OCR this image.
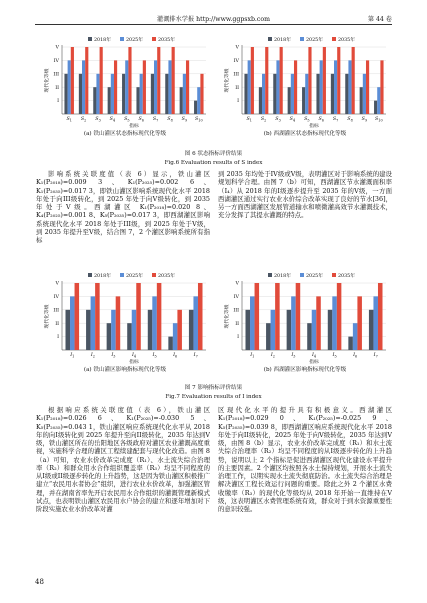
灌溉排水学报 http://www.ggpsxb.com	第 44 卷
2018年	2025年	2035年
I
II
III
IV
V
现代化等级
$S_1$ $S_2$ $S_3$ $S_4$ $S_5$ $S_6$ $S_7$ $S_8$ $S_9$ $S_{10}$
指标
(a) 铁山灌区状态指标现代化等级
2018年	2025年	2035年
I
II
III
IV
V
现代化等级
$S_1$ $S_2$ $S_3$ $S_4$ $S_5$ $S_6$ $S_7$ $S_8$ $S_9$ $S_{10}$
指标
(b) 西湖灌区状态指标现代化等级
图 6 状态指标评价结果
Fig.6 Evaluation results of S index

影响系统关联度值（表 6）显示，铁山灌区 K₁(P₂₀₁₈)=0.009 3、K₁(P₂₀₂₅)=0.002 6、K₁(P₂₀₃₅)=0.017 3，即铁山灌区影响系统现代化水平 2018 年处于向III级转化，到 2025 年处于向V级转化，到 2035 年处于V级。西湖灌区 K₁(P₂₀₁₈)=0.020 8、K₄(P₂₀₂₅)=0.001 8、K₅(P₂₀₃₅)=0.017 3，即西湖灌区影响系统现代化水平 2018 年处于III级，到 2025 年处于V级，到 2035 年提升至V级，结合图 7，2 个灌区影响系统所有指标

到 2035 年均处于IV级或V级，表明灌区对于影响系统的建设规划科学合理。由图 7（b）可知，西湖灌区节水灌溉面积率（I₄）从 2018 年的I级逐步提升至 2035 年的V级，一方面西湖灌区通过实行农业水价综合改革实现了良好的节水[36]，另一方面西湖灌区发展管道输水和喷微灌高效节水灌溉技术，充分发挥了其提水灌溉的特点。

2018年	2025年	2035年
I
II
III
IV
V
现代化等级
$I_1$	$I_2$	$I_3$	$I_4$	$I_5$	$I_6$	$I_7$
指标
(a) 铁山灌区影响指标现代化等级
2018年	2025年	2035年
I
II
III
IV
V
现代化等级
$I_1$	$I_2$	$I_3$	$I_4$	$I_5$	$I_6$	$I_7$
指标
(b) 西湖灌区影响指标现代化等级
图 7 影响指标评价结果
Fig.7 Evaluation results of I index

根据响应系统关联度值（表 6），铁山灌区 K₁(P₂₀₁₈)=0.026 6、K₁(P₂₀₂₅)=-0.030 5、K₅(P₂₀₃₅)=0.043 1，铁山灌区响应系统现代化水平从 2018 年的向I级转化到 2025 年提升至向II级转化，2035 年达到V级，铁山灌区所在的岳阳地区各级政府对灌区农业灌溉高度重视，实施科学合理的灌区工程续建配套与现代化改造。由图 8（a）可知，农业水价改革完成度（R₁）、水土流失综合治理率（R₂）和群众用水合作组织覆盖率（R₃）均呈不同程度的从I级或II级逐步转化的上升趋势，这是因为铁山灌区积极推广建立“农民用水者协会”组织，进行农业水价改革，加强灌区管理，并在湖南省率先开启农民用水合作组织的灌溉管理新模式试点，也表明铁山灌区农民用水户协会的建立和逐年增加对下阶段实施农业水价改革对灌

区现代化水平的提升具有积极意义。西湖灌区 K₁(P₂₀₁₈)=0.029 0、K₁(P₂₀₂₅)=-0.025 9、K₅(P₂₀₃₅)=0.039 8，即西湖灌区响应系统现代化水平 2018 年处于向II级转化，2025 年处于向V级转化，2035 年达到V级，由图 8（b）显示，农业水价改革完成度（R₁）和水土流失综合治理率（R₂）均呈不同程度的从I级逐步转化的上升趋势，说明以上 2 个指标是促进西湖灌区现代化建设水平提升的主要因素。2 个灌区均按照各水土保持规划，开展水土流失治理工作，以期实现水土流失彻底防治。水土流失综合治理是解决灌区工程长效运行问题的重要。除此之外 2 个灌区水费收缴率（R₃）的现代化等级均从 2018 年开始一直维持在V级，这表明灌区水费管理系统有效，群众对于到水资源重要性的意识较强。

48
